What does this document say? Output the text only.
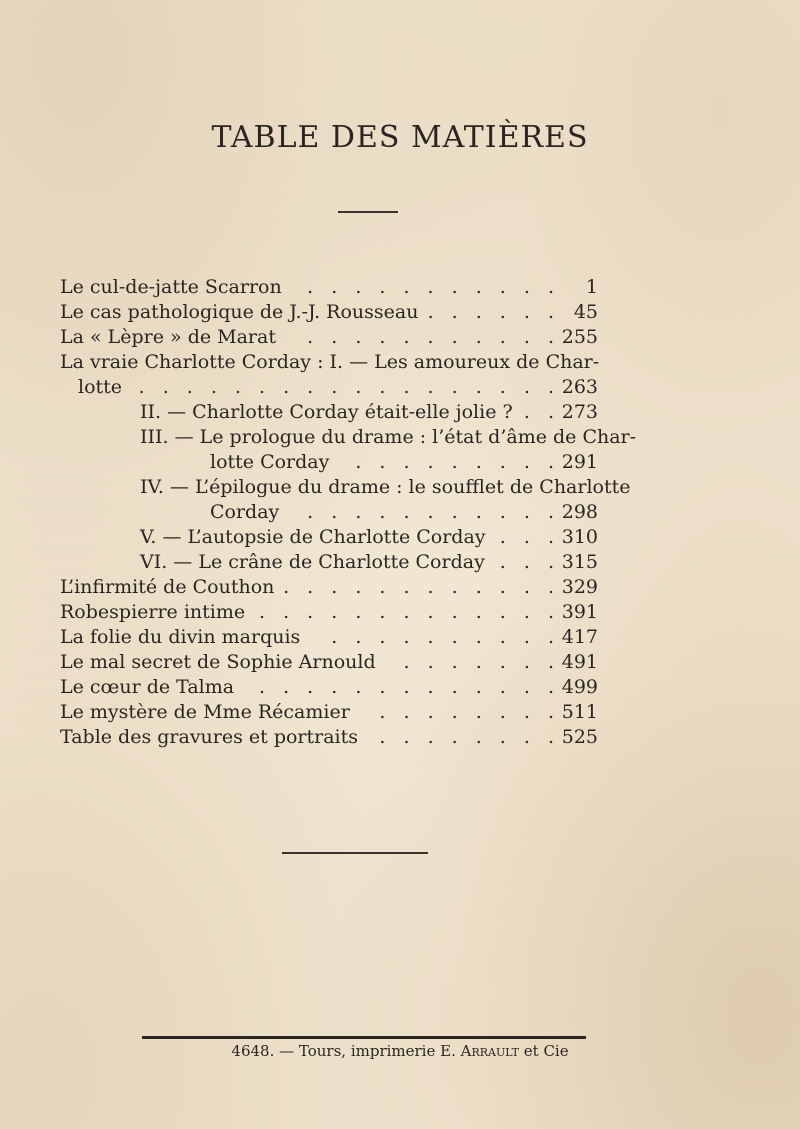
TABLE DES MATIÈRES
Le cul-de-jatte Scarron . . . . . . . . . . . 1
Le cas pathologique de J.-J. Rousseau . . . . . . 45
La « Lèpre » de Marat . . . . . . . . . . . 255
La vraie Charlotte Corday : I. — Les amoureux de Char-
lotte . . . . . . . . . . . . . . . . . . 263
II. — Charlotte Corday était-elle jolie ? . . 273
III. — Le prologue du drame : l’état d’âme de Char-
lotte Corday . . . . . . . . . 291
IV. — L’épilogue du drame : le soufflet de Charlotte
Corday . . . . . . . . . . . 298
V. — L’autopsie de Charlotte Corday . . . 310
VI. — Le crâne de Charlotte Corday . . . 315
L’infirmité de Couthon . . . . . . . . . . . . 329
Robespierre intime . . . . . . . . . . . . . 391
La folie du divin marquis . . . . . . . . . . 417
Le mal secret de Sophie Arnould . . . . . . . 491
Le cœur de Talma . . . . . . . . . . . . . 499
Le mystère de Mme Récamier . . . . . . . . 511
Table des gravures et portraits . . . . . . . . 525
4648. — Tours, imprimerie E. Arrault et Cie
